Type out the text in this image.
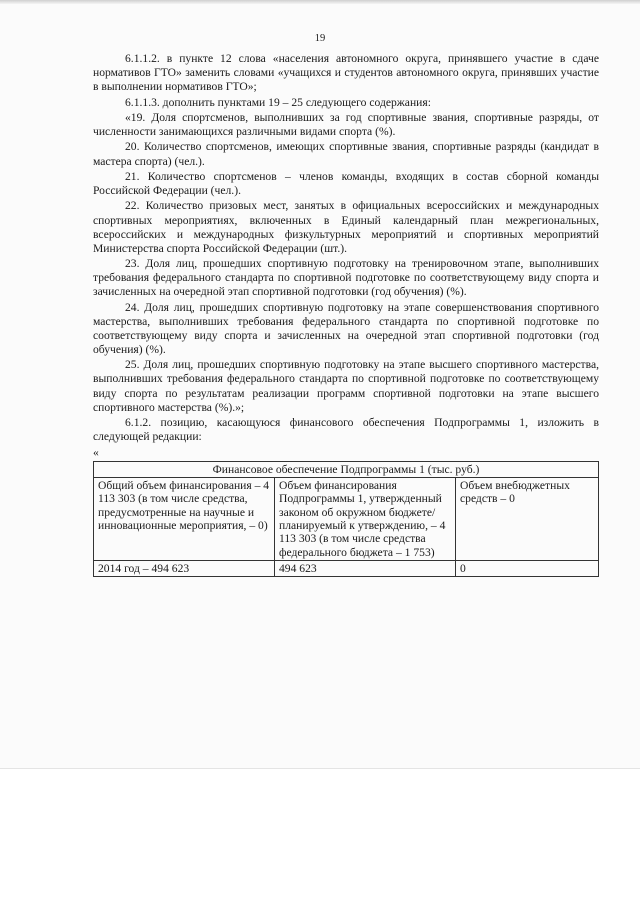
19

6.1.1.2. в пункте 12 слова «населения автономного округа, принявшего участие в сдаче нормативов ГТО» заменить словами «учащихся и студентов автономного округа, принявших участие в выполнении нормативов ГТО»;

6.1.1.3. дополнить пунктами 19 – 25 следующего содержания:

«19. Доля спортсменов, выполнивших за год спортивные звания, спортивные разряды, от численности занимающихся различными видами спорта (%).

20. Количество спортсменов, имеющих спортивные звания, спортивные разряды (кандидат в мастера спорта) (чел.).

21. Количество спортсменов – членов команды, входящих в состав сборной команды Российской Федерации (чел.).

22. Количество призовых мест, занятых в официальных всероссийских и международных спортивных мероприятиях, включенных в Единый календарный план межрегиональных, всероссийских и международных физкультурных мероприятий и спортивных мероприятий Министерства спорта Российской Федерации (шт.).

23. Доля лиц, прошедших спортивную подготовку на тренировочном этапе, выполнивших требования федерального стандарта по спортивной подготовке по соответствующему виду спорта и зачисленных на очередной этап спортивной подготовки (год обучения) (%).

24. Доля лиц, прошедших спортивную подготовку на этапе совершенствования спортивного мастерства, выполнивших требования федерального стандарта по спортивной подготовке по соответствующему виду спорта и зачисленных на очередной этап спортивной подготовки (год обучения) (%).

25. Доля лиц, прошедших спортивную подготовку на этапе высшего спортивного мастерства, выполнивших требования федерального стандарта по спортивной подготовке по соответствующему виду спорта по результатам реализации программ спортивной подготовки на этапе высшего спортивного мастерства (%).»;

6.1.2. позицию, касающуюся финансового обеспечения Подпрограммы 1, изложить в следующей редакции:

«

Финансовое обеспечение Подпрограммы 1 (тыс. руб.)		
Общий объем финансирования – 4 113 303 (в том числе средства, предусмотренные на научные и инновационные мероприятия, – 0)	Объем финансирования Подпрограммы 1, утвержденный законом об окружном бюджете/ планируемый к утверждению, – 4 113 303 (в том числе средства федерального бюджета – 1 753)	Объем внебюджетных средств – 0
2014 год – 494 623	494 623	0
